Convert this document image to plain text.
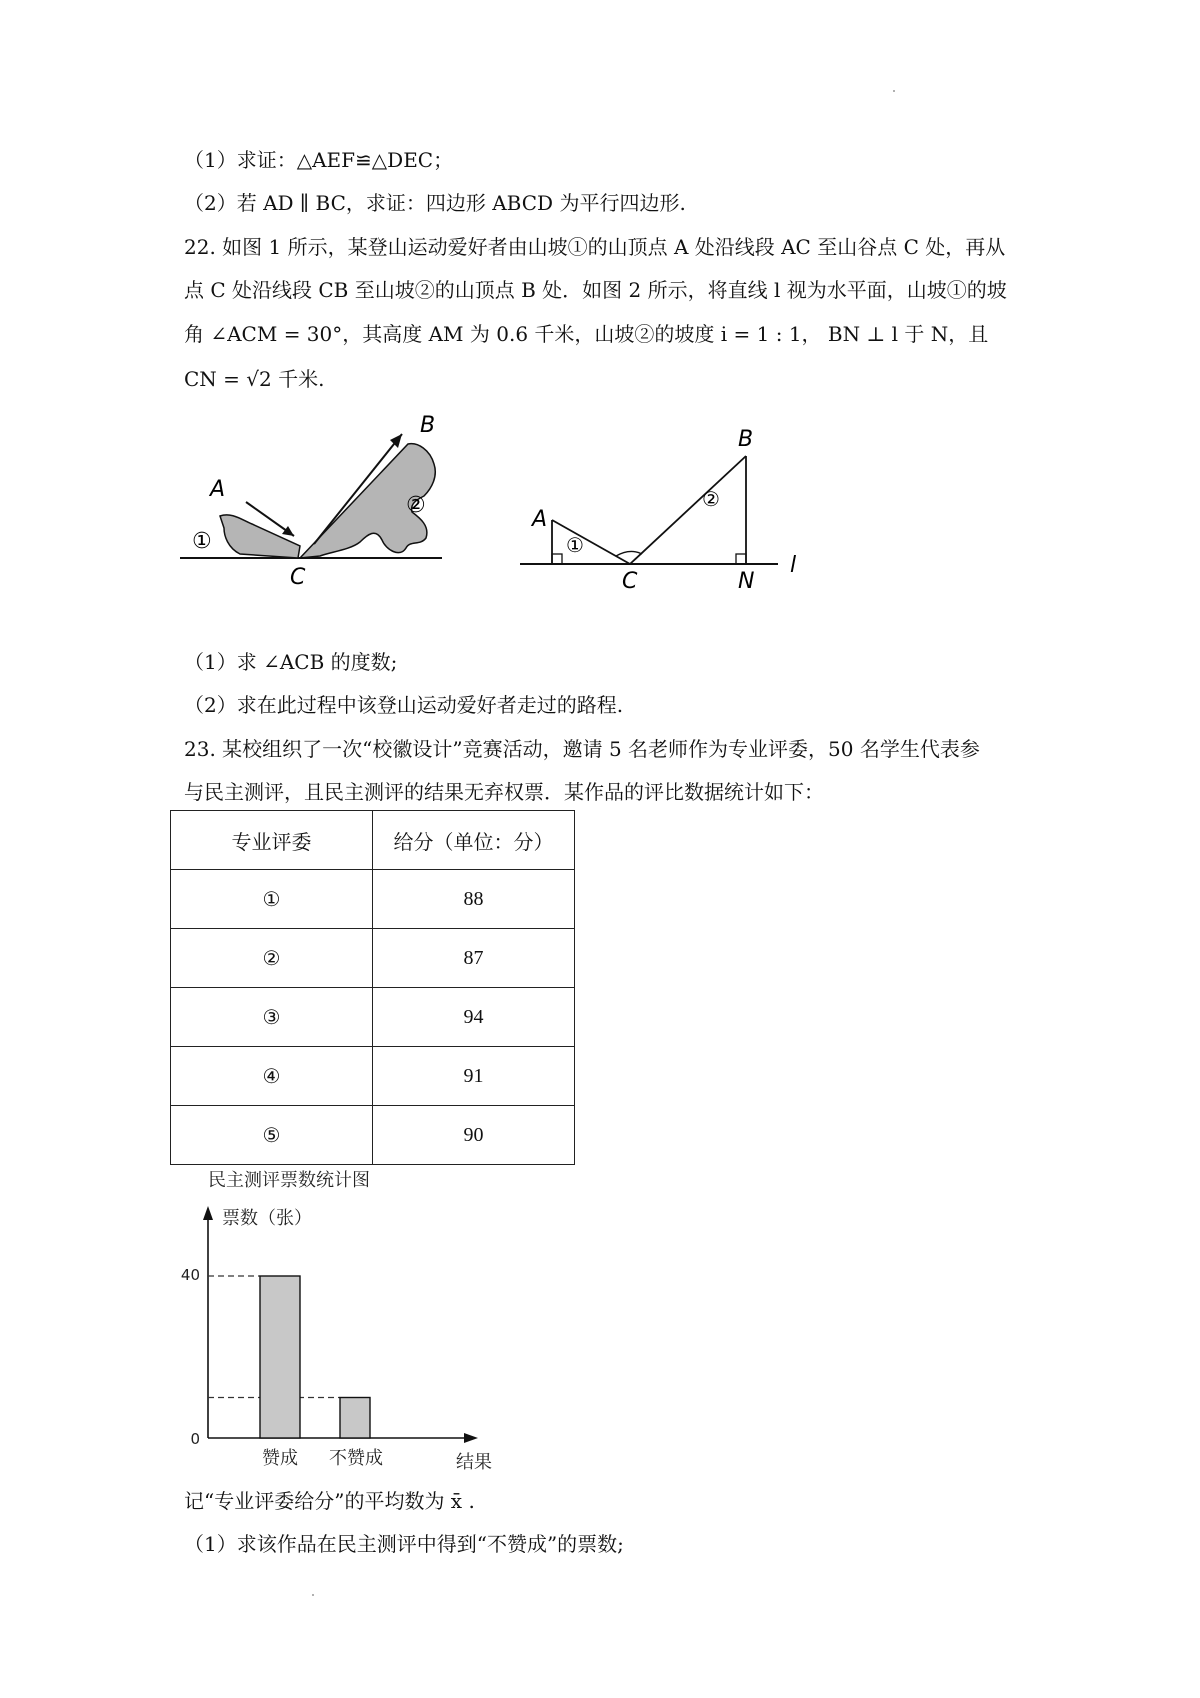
（1）求证：△AEF≌△DEC；
（2）若 AD ∥ BC，求证：四边形 ABCD 为平行四边形.
22. 如图 1 所示，某登山运动爱好者由山坡①的山顶点 A 处沿线段 AC 至山谷点 C 处，再从
点 C 处沿线段 CB 至山坡②的山顶点 B 处．如图 2 所示，将直线 l 视为水平面，山坡①的坡
角 ∠ACM = 30°，其高度 AM 为 0.6 千米，山坡②的坡度 i = 1 : 1， BN ⊥ l 于 N，且
CN = √2 千米.
A
B
C
①
②
A
B
C	N
l
①
②
（1）求 ∠ACB 的度数;
（2）求在此过程中该登山运动爱好者走过的路程.
23. 某校组织了一次“校徽设计”竞赛活动，邀请 5 名老师作为专业评委，50 名学生代表参
与民主测评，且民主测评的结果无弃权票．某作品的评比数据统计如下：
专业评委	给分（单位：分）
①	88
②	87
③	94
④	91
⑤	90
民主测评票数统计图
票数（张）
结果
40
0
赞成 不赞成
记“专业评委给分”的平均数为 x̄ .
（1）求该作品在民主测评中得到“不赞成”的票数;
